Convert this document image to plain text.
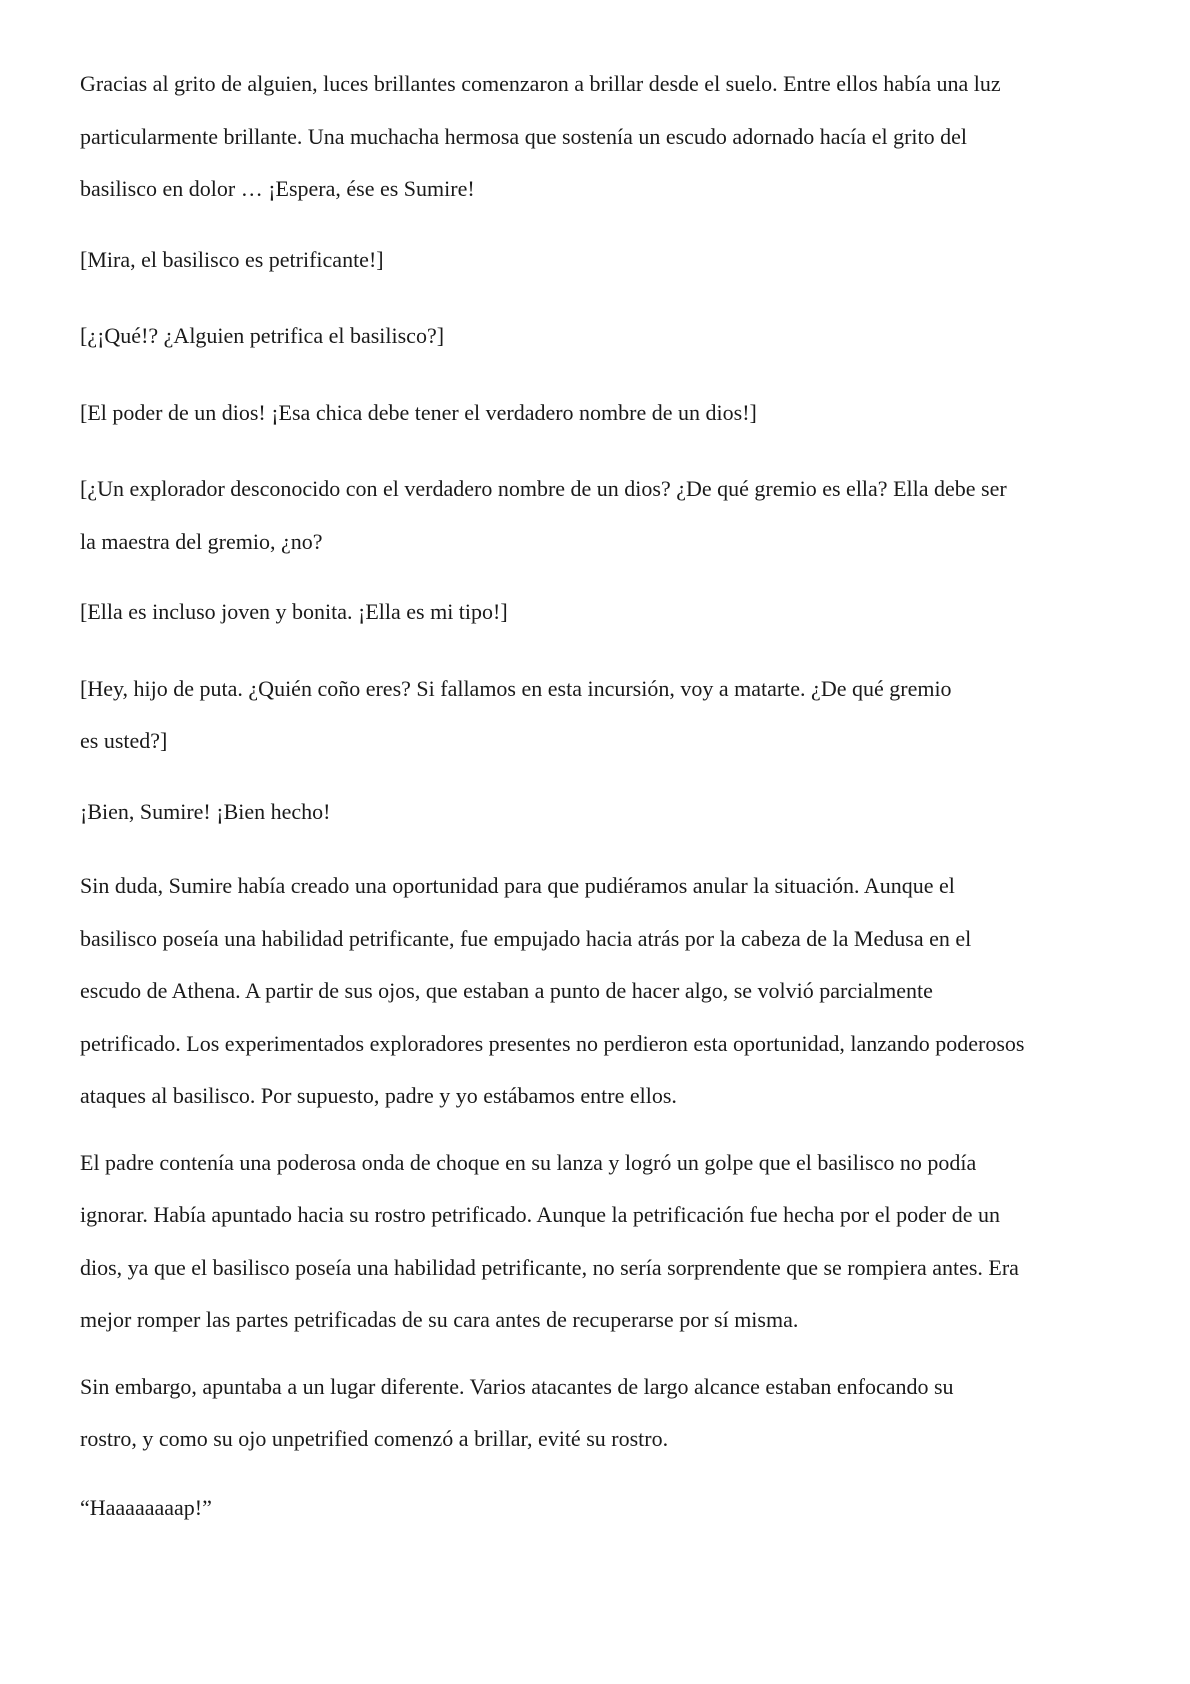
Gracias al grito de alguien, luces brillantes comenzaron a brillar desde el suelo. Entre ellos había una luz
particularmente brillante. Una muchacha hermosa que sostenía un escudo adornado hacía el grito del
basilisco en dolor … ¡Espera, ése es Sumire!
[Mira, el basilisco es petrificante!]
[¿¡Qué!? ¿Alguien petrifica el basilisco?]
[El poder de un dios! ¡Esa chica debe tener el verdadero nombre de un dios!]
[¿Un explorador desconocido con el verdadero nombre de un dios? ¿De qué gremio es ella? Ella debe ser
la maestra del gremio, ¿no?
[Ella es incluso joven y bonita. ¡Ella es mi tipo!]
[Hey, hijo de puta. ¿Quién coño eres? Si fallamos en esta incursión, voy a matarte. ¿De qué gremio
es usted?]
¡Bien, Sumire! ¡Bien hecho!
Sin duda, Sumire había creado una oportunidad para que pudiéramos anular la situación. Aunque el
basilisco poseía una habilidad petrificante, fue empujado hacia atrás por la cabeza de la Medusa en el
escudo de Athena. A partir de sus ojos, que estaban a punto de hacer algo, se volvió parcialmente
petrificado. Los experimentados exploradores presentes no perdieron esta oportunidad, lanzando poderosos
ataques al basilisco. Por supuesto, padre y yo estábamos entre ellos.
El padre contenía una poderosa onda de choque en su lanza y logró un golpe que el basilisco no podía
ignorar. Había apuntado hacia su rostro petrificado. Aunque la petrificación fue hecha por el poder de un
dios, ya que el basilisco poseía una habilidad petrificante, no sería sorprendente que se rompiera antes. Era
mejor romper las partes petrificadas de su cara antes de recuperarse por sí misma.
Sin embargo, apuntaba a un lugar diferente. Varios atacantes de largo alcance estaban enfocando su
rostro, y como su ojo unpetrified comenzó a brillar, evité su rostro.
“Haaaaaaaap!”
